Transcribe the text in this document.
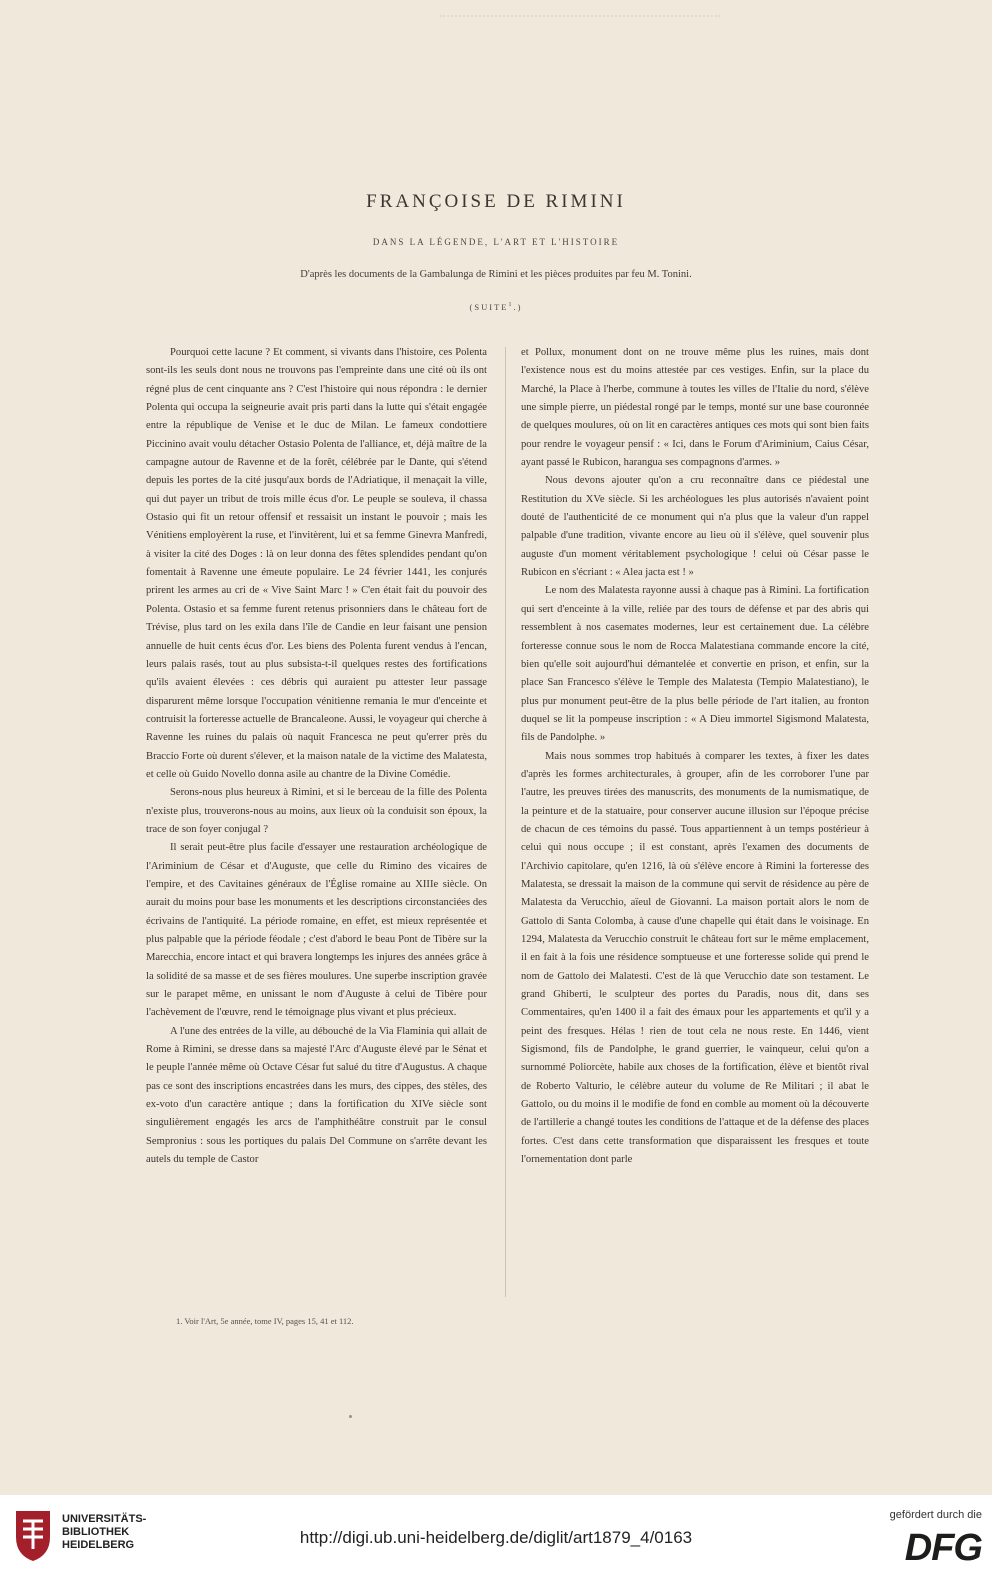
FRANÇOISE DE RIMINI
DANS LA LÉGENDE, L'ART ET L'HISTOIRE
D'après les documents de la Gambalunga de Rimini et les pièces produites par feu M. Tonini.
(SUITE$^1$.)

Pourquoi cette lacune ? Et comment, si vivants dans l'histoire, ces Polenta sont-ils les seuls dont nous ne trouvons pas l'empreinte dans une cité où ils ont régné plus de cent cinquante ans ? C'est l'histoire qui nous répondra : le dernier Polenta qui occupa la seigneurie avait pris parti dans la lutte qui s'était engagée entre la république de Venise et le duc de Milan. Le fameux condottiere Piccinino avait voulu détacher Ostasio Polenta de l'alliance, et, déjà maître de la campagne autour de Ravenne et de la forêt, célébrée par le Dante, qui s'étend depuis les portes de la cité jusqu'aux bords de l'Adriatique, il menaçait la ville, qui dut payer un tribut de trois mille écus d'or. Le peuple se souleva, il chassa Ostasio qui fit un retour offensif et ressaisit un instant le pouvoir ; mais les Vénitiens employèrent la ruse, et l'invitèrent, lui et sa femme Ginevra Manfredi, à visiter la cité des Doges : là on leur donna des fêtes splendides pendant qu'on fomentait à Ravenne une émeute populaire. Le 24 février 1441, les conjurés prirent les armes au cri de « Vive Saint Marc ! » C'en était fait du pouvoir des Polenta. Ostasio et sa femme furent retenus prisonniers dans le château fort de Trévise, plus tard on les exila dans l'île de Candie en leur faisant une pension annuelle de huit cents écus d'or. Les biens des Polenta furent vendus à l'encan, leurs palais rasés, tout au plus subsista-t-il quelques restes des fortifications qu'ils avaient élevées : ces débris qui auraient pu attester leur passage disparurent même lorsque l'occupation vénitienne remania le mur d'enceinte et contruisit la forteresse actuelle de Brancaleone. Aussi, le voyageur qui cherche à Ravenne les ruines du palais où naquit Francesca ne peut qu'errer près du Braccio Forte où durent s'élever, et la maison natale de la victime des Malatesta, et celle où Guido Novello donna asile au chantre de la Divine Comédie.

Serons-nous plus heureux à Rimini, et si le berceau de la fille des Polenta n'existe plus, trouverons-nous au moins, aux lieux où la conduisit son époux, la trace de son foyer conjugal ?

Il serait peut-être plus facile d'essayer une restauration archéologique de l'Ariminium de César et d'Auguste, que celle du Rimino des vicaires de l'empire, et des Cavitaines généraux de l'Église romaine au XIIIe siècle. On aurait du moins pour base les monuments et les descriptions circonstanciées des écrivains de l'antiquité. La période romaine, en effet, est mieux représentée et plus palpable que la période féodale ; c'est d'abord le beau Pont de Tibère sur la Marecchia, encore intact et qui bravera longtemps les injures des années grâce à la solidité de sa masse et de ses fières moulures. Une superbe inscription gravée sur le parapet même, en unissant le nom d'Auguste à celui de Tibère pour l'achèvement de l'œuvre, rend le témoignage plus vivant et plus précieux.

A l'une des entrées de la ville, au débouché de la Via Flaminia qui allait de Rome à Rimini, se dresse dans sa majesté l'Arc d'Auguste élevé par le Sénat et le peuple l'année même où Octave César fut salué du titre d'Augustus. A chaque pas ce sont des inscriptions encastrées dans les murs, des cippes, des stèles, des ex-voto d'un caractère antique ; dans la fortification du XIVe siècle sont singulièrement engagés les arcs de l'amphithéâtre construit par le consul Sempronius : sous les portiques du palais Del Commune on s'arrête devant les autels du temple de Castor

et Pollux, monument dont on ne trouve même plus les ruines, mais dont l'existence nous est du moins attestée par ces vestiges. Enfin, sur la place du Marché, la Place à l'herbe, commune à toutes les villes de l'Italie du nord, s'élève une simple pierre, un piédestal rongé par le temps, monté sur une base couronnée de quelques moulures, où on lit en caractères antiques ces mots qui sont bien faits pour rendre le voyageur pensif : « Ici, dans le Forum d'Ariminium, Caius César, ayant passé le Rubicon, harangua ses compagnons d'armes. »

Nous devons ajouter qu'on a cru reconnaître dans ce piédestal une Restitution du XVe siècle. Si les archéologues les plus autorisés n'avaient point douté de l'authenticité de ce monument qui n'a plus que la valeur d'un rappel palpable d'une tradition, vivante encore au lieu où il s'élève, quel souvenir plus auguste d'un moment véritablement psychologique ! celui où César passe le Rubicon en s'écriant : « Alea jacta est ! »

Le nom des Malatesta rayonne aussi à chaque pas à Rimini. La fortification qui sert d'enceinte à la ville, reliée par des tours de défense et par des abris qui ressemblent à nos casemates modernes, leur est certainement due. La célèbre forteresse connue sous le nom de Rocca Malatestiana commande encore la cité, bien qu'elle soit aujourd'hui démantelée et convertie en prison, et enfin, sur la place San Francesco s'élève le Temple des Malatesta (Tempio Malatestiano), le plus pur monument peut-être de la plus belle période de l'art italien, au fronton duquel se lit la pompeuse inscription : « A Dieu immortel Sigismond Malatesta, fils de Pandolphe. »

Mais nous sommes trop habitués à comparer les textes, à fixer les dates d'après les formes architecturales, à grouper, afin de les corroborer l'une par l'autre, les preuves tirées des manuscrits, des monuments de la numismatique, de la peinture et de la statuaire, pour conserver aucune illusion sur l'époque précise de chacun de ces témoins du passé. Tous appartiennent à un temps postérieur à celui qui nous occupe ; il est constant, après l'examen des documents de l'Archivio capitolare, qu'en 1216, là où s'élève encore à Rimini la forteresse des Malatesta, se dressait la maison de la commune qui servit de résidence au père de Malatesta da Verucchio, aïeul de Giovanni. La maison portait alors le nom de Gattolo di Santa Colomba, à cause d'une chapelle qui était dans le voisinage. En 1294, Malatesta da Verucchio construit le château fort sur le même emplacement, il en fait à la fois une résidence somptueuse et une forteresse solide qui prend le nom de Gattolo dei Malatesti. C'est de là que Verucchio date son testament. Le grand Ghiberti, le sculpteur des portes du Paradis, nous dit, dans ses Commentaires, qu'en 1400 il a fait des émaux pour les appartements et qu'il y a peint des fresques. Hélas ! rien de tout cela ne nous reste. En 1446, vient Sigismond, fils de Pandolphe, le grand guerrier, le vainqueur, celui qu'on a surnommé Poliorcète, habile aux choses de la fortification, élève et bientôt rival de Roberto Valturio, le célèbre auteur du volume de Re Militari ; il abat le Gattolo, ou du moins il le modifie de fond en comble au moment où la découverte de l'artillerie a changé toutes les conditions de l'attaque et de la défense des places fortes. C'est dans cette transformation que disparaissent les fresques et toute l'ornementation dont parle

1. Voir l'Art, 5e année, tome IV, pages 15, 41 et 112.
UNIVERSITÄTS-
BIBLIOTHEK
HEIDELBERG	http://digi.ub.uni-heidelberg.de/diglit/art1879_4/0163
gefördert durch die
DFG
